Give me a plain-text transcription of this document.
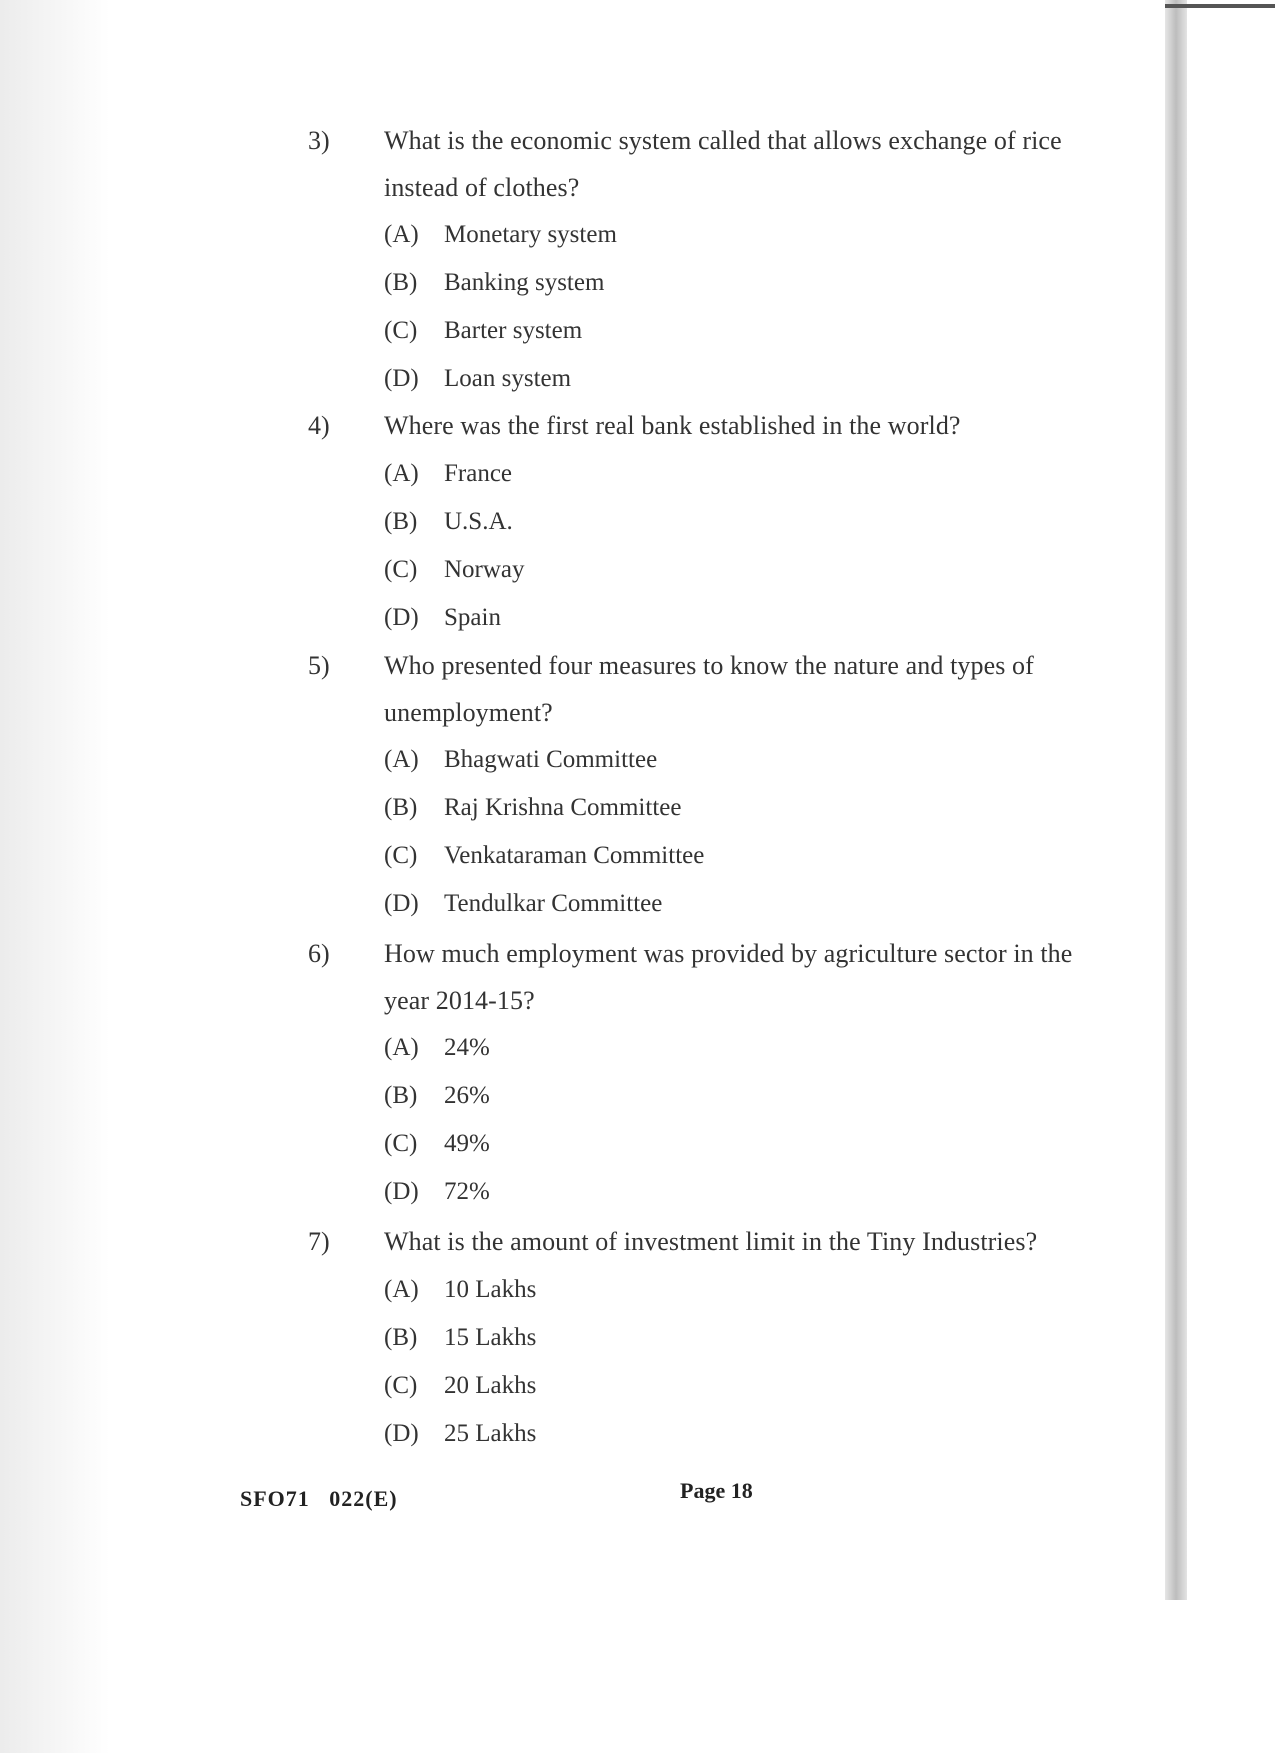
3) What is the economic system called that allows exchange of rice instead of clothes?
(A) Monetary system
(B) Banking system
(C) Barter system
(D) Loan system
4) Where was the first real bank established in the world?
(A) France
(B) U.S.A.
(C) Norway
(D) Spain
5) Who presented four measures to know the nature and types of unemployment?
(A) Bhagwati Committee
(B) Raj Krishna Committee
(C) Venkataraman Committee
(D) Tendulkar Committee
6) How much employment was provided by agriculture sector in the year 2014-15?
(A) 24%
(B) 26%
(C) 49%
(D) 72%
7) What is the amount of investment limit in the Tiny Industries?
(A) 10 Lakhs
(B) 15 Lakhs
(C) 20 Lakhs
(D) 25 Lakhs
SFO71   022(E)	Page 18
